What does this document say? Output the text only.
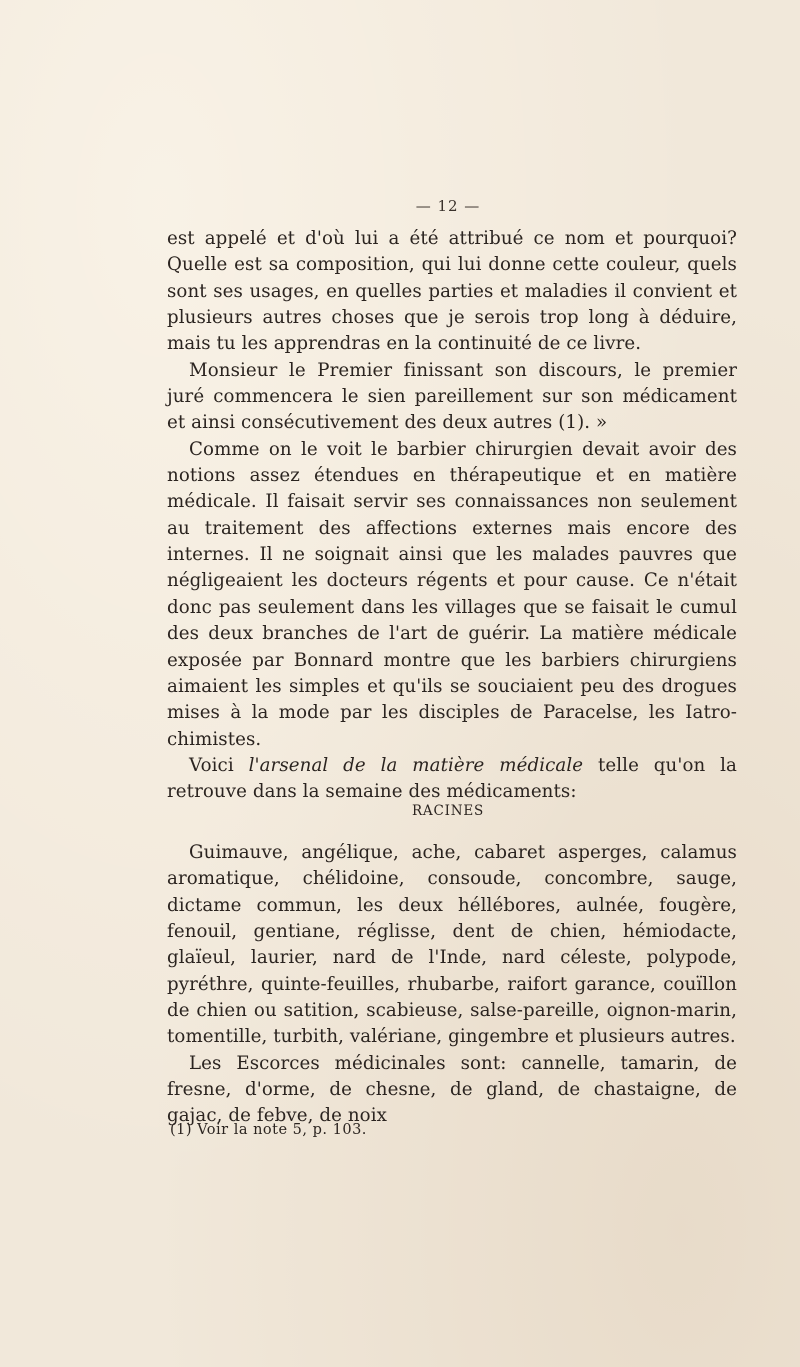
— 12 —

est appelé et d'où lui a été attribué ce nom et pourquoi? Quelle est sa composition, qui lui donne cette couleur, quels sont ses usages, en quelles parties et maladies il convient et plusieurs autres choses que je serois trop long à déduire, mais tu les apprendras en la continuité de ce livre.

Monsieur le Premier finissant son discours, le premier juré commencera le sien pareillement sur son médicament et ainsi consécutivement des deux autres (1). »

Comme on le voit le barbier chirurgien devait avoir des notions assez étendues en thérapeutique et en matière médicale. Il faisait servir ses connaissances non seulement au traitement des affections externes mais encore des internes. Il ne soignait ainsi que les malades pauvres que négligeaient les docteurs régents et pour cause. Ce n'était donc pas seulement dans les villages que se faisait le cumul des deux branches de l'art de guérir. La matière médicale exposée par Bonnard montre que les barbiers chirurgiens aimaient les simples et qu'ils se souciaient peu des drogues mises à la mode par les disciples de Paracelse, les Iatro-chimistes.

Voici l'arsenal de la matière médicale telle qu'on la retrouve dans la semaine des médicaments:

RACINES

Guimauve, angélique, ache, cabaret asperges, calamus aromatique, chélidoine, consoude, concombre, sauge, dictame commun, les deux héllébores, aulnée, fougère, fenouil, gentiane, réglisse, dent de chien, hémiodacte, glaïeul, laurier, nard de l'Inde, nard céleste, polypode, pyréthre, quinte-feuilles, rhubarbe, raifort garance, couïllon de chien ou satition, scabieuse, salse-pareille, oignon-marin, tomentille, turbith, valériane, gingembre et plusieurs autres.

Les Escorces médicinales sont: cannelle, tamarin, de fresne, d'orme, de chesne, de gland, de chastaigne, de gajac, de febve, de noix

(1) Voir la note 5, p. 103.
